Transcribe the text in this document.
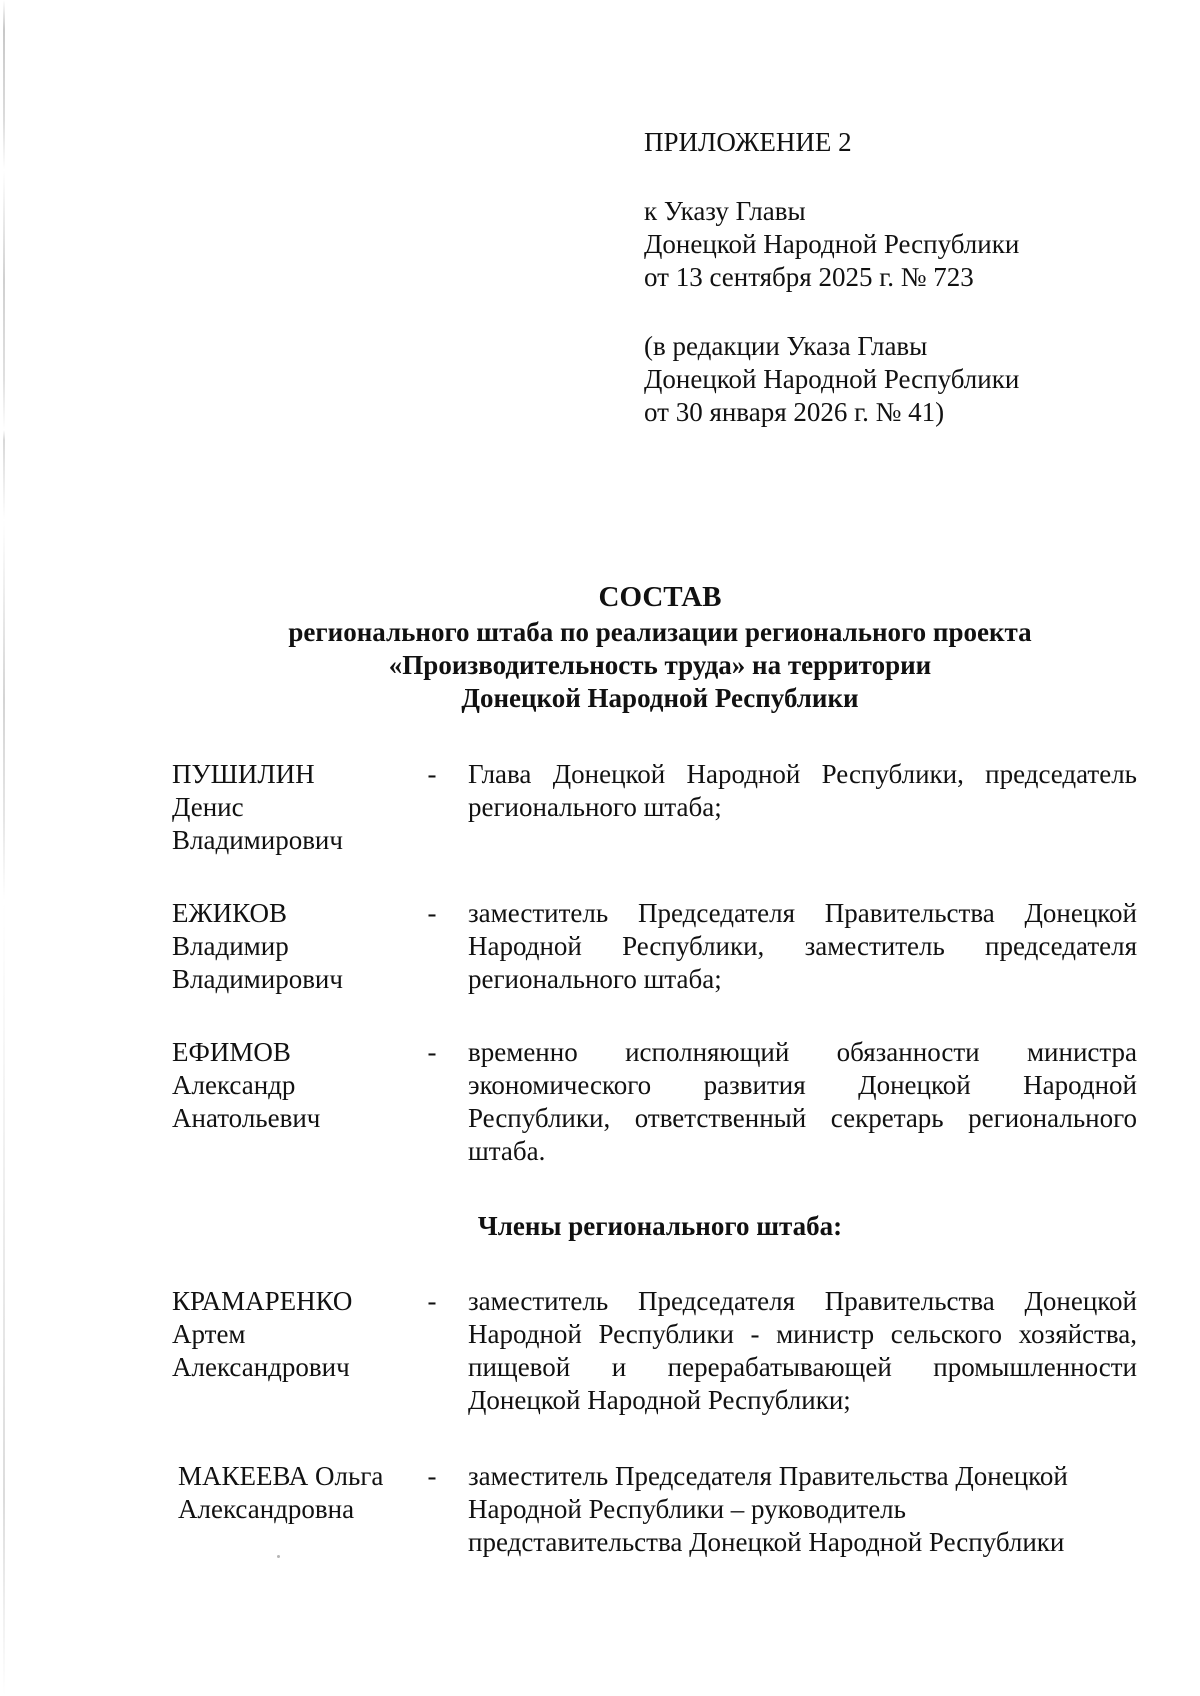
ПРИЛОЖЕНИЕ 2
к Указу Главы
Донецкой Народной Республики
от 13 сентября 2025 г. № 723
(в редакции Указа Главы
Донецкой Народной Республики
от 30 января 2026 г. № 41)
СОСТАВ
регионального штаба по реализации регионального проекта
«Производительность труда» на территории
Донецкой Народной Республики
ПУШИЛИН
Денис
Владимирович
- Глава Донецкой Народной Республики, председатель регионального штаба;
ЕЖИКОВ
Владимир
Владимирович
- заместитель Председателя Правительства Донецкой Народной Республики, заместитель председателя регионального штаба;
ЕФИМОВ
Александр
Анатольевич
- временно исполняющий обязанности министра экономического развития Донецкой Народной Республики, ответственный секретарь регионального штаба.
Члены регионального штаба:
КРАМАРЕНКО
Артем
Александрович
- заместитель Председателя Правительства Донецкой Народной Республики - министр сельского хозяйства, пищевой и перерабатывающей промышленности Донецкой Народной Республики;
МАКЕЕВА Ольга
Александровна
- заместитель Председателя Правительства Донецкой
Народной Республики – руководитель
представительства Донецкой Народной Республики
